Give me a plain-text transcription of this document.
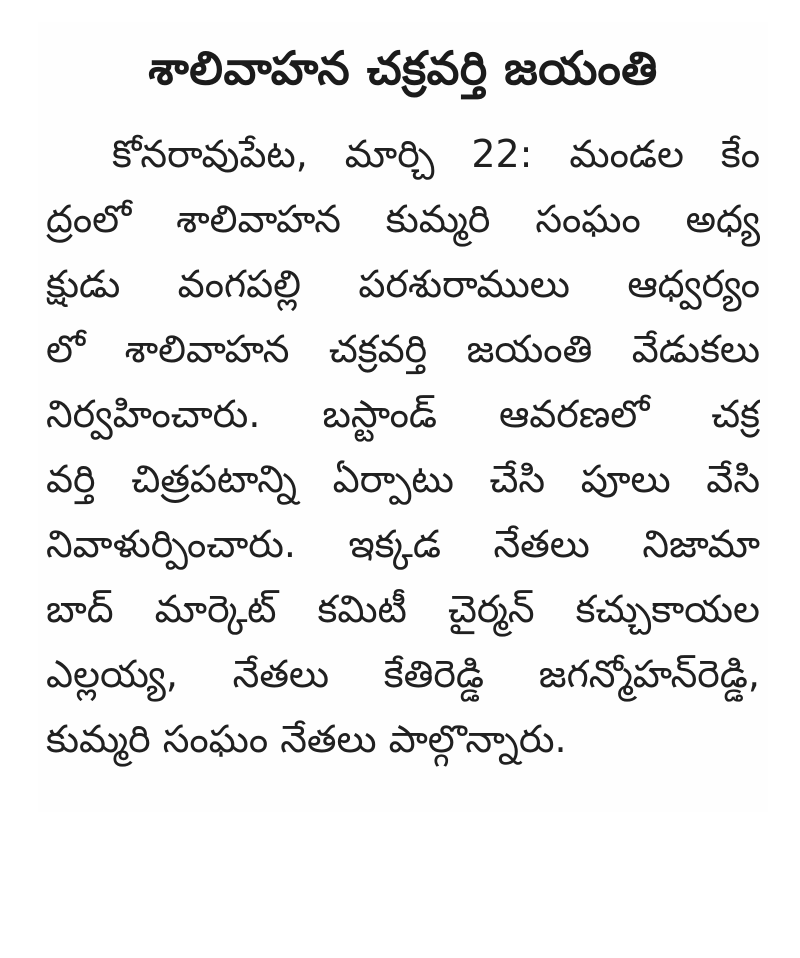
శాలివాహన చక్రవర్తి జయంతి
కోనరావుపేట, మార్చి 22: మండల కేం
ద్రంలో శాలివాహన కుమ్మరి సంఘం అధ్య
క్షుడు వంగపల్లి పరశురాములు ఆధ్వర్యం
లో శాలివాహన చక్రవర్తి జయంతి వేడుకలు
నిర్వహించారు. బస్టాండ్ ఆవరణలో చక్ర
వర్తి చిత్రపటాన్ని ఏర్పాటు చేసి పూలు వేసి
నివాళుర్పించారు. ఇక్కడ నేతలు నిజామా
బాద్ మార్కెట్ కమిటీ చైర్మన్ కచ్చుకాయల
ఎల్లయ్య, నేతలు కేతిరెడ్డి జగన్మోహన్‌రెడ్డి,
కుమ్మరి సంఘం నేతలు పాల్గొన్నారు.
